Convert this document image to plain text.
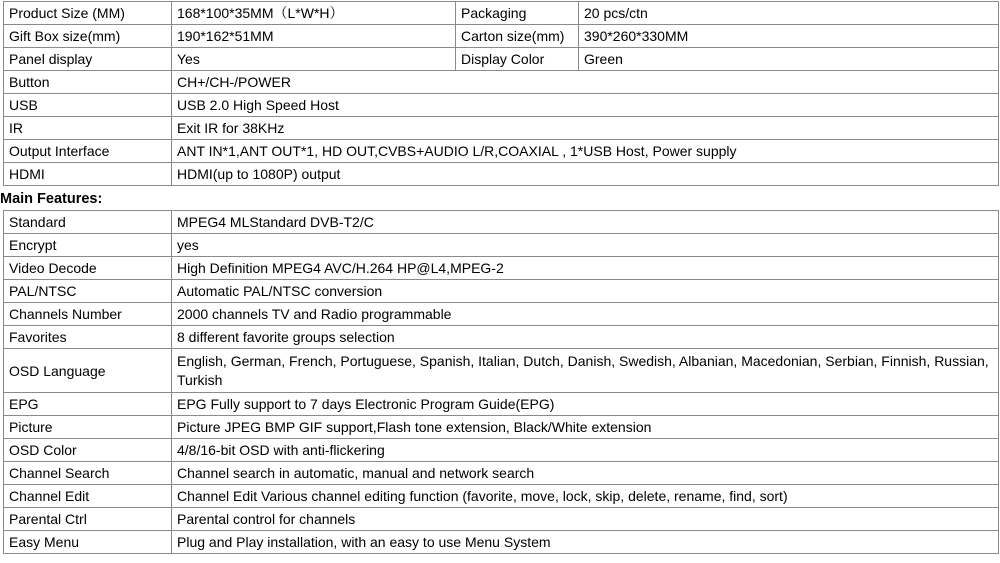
Product Size (MM)	168*100*35MM（L*W*H）	Packaging	20 pcs/ctn
Gift Box size(mm)	190*162*51MM	Carton size(mm)	390*260*330MM
Panel display	Yes	Display Color	Green
Button	CH+/CH-/POWER		
USB	USB 2.0 High Speed Host		
IR	Exit IR for 38KHz		
Output Interface	ANT IN*1,ANT OUT*1, HD OUT,CVBS+AUDIO L/R,COAXIAL , 1*USB Host, Power supply		
HDMI	HDMI(up to 1080P) output		
Main Features:
Standard	MPEG4 MLStandard DVB-T2/C
Encrypt	yes
Video Decode	High Definition MPEG4 AVC/H.264 HP@L4,MPEG-2
PAL/NTSC	Automatic PAL/NTSC conversion
Channels Number	2000 channels TV and Radio programmable
Favorites	8 different favorite groups selection
OSD Language	English, German, French, Portuguese, Spanish, Italian, Dutch, Danish, Swedish, Albanian, Macedonian, Serbian, Finnish, Russian, Turkish
EPG	EPG Fully support to 7 days Electronic Program Guide(EPG)
Picture	Picture JPEG BMP GIF support,Flash tone extension, Black/White extension
OSD Color	4/8/16-bit OSD with anti-flickering
Channel Search	Channel search in automatic, manual and network search
Channel Edit	Channel Edit Various channel editing function (favorite, move, lock, skip, delete, rename, find, sort)
Parental Ctrl	Parental control for channels
Easy Menu	Plug and Play installation, with an easy to use Menu System
